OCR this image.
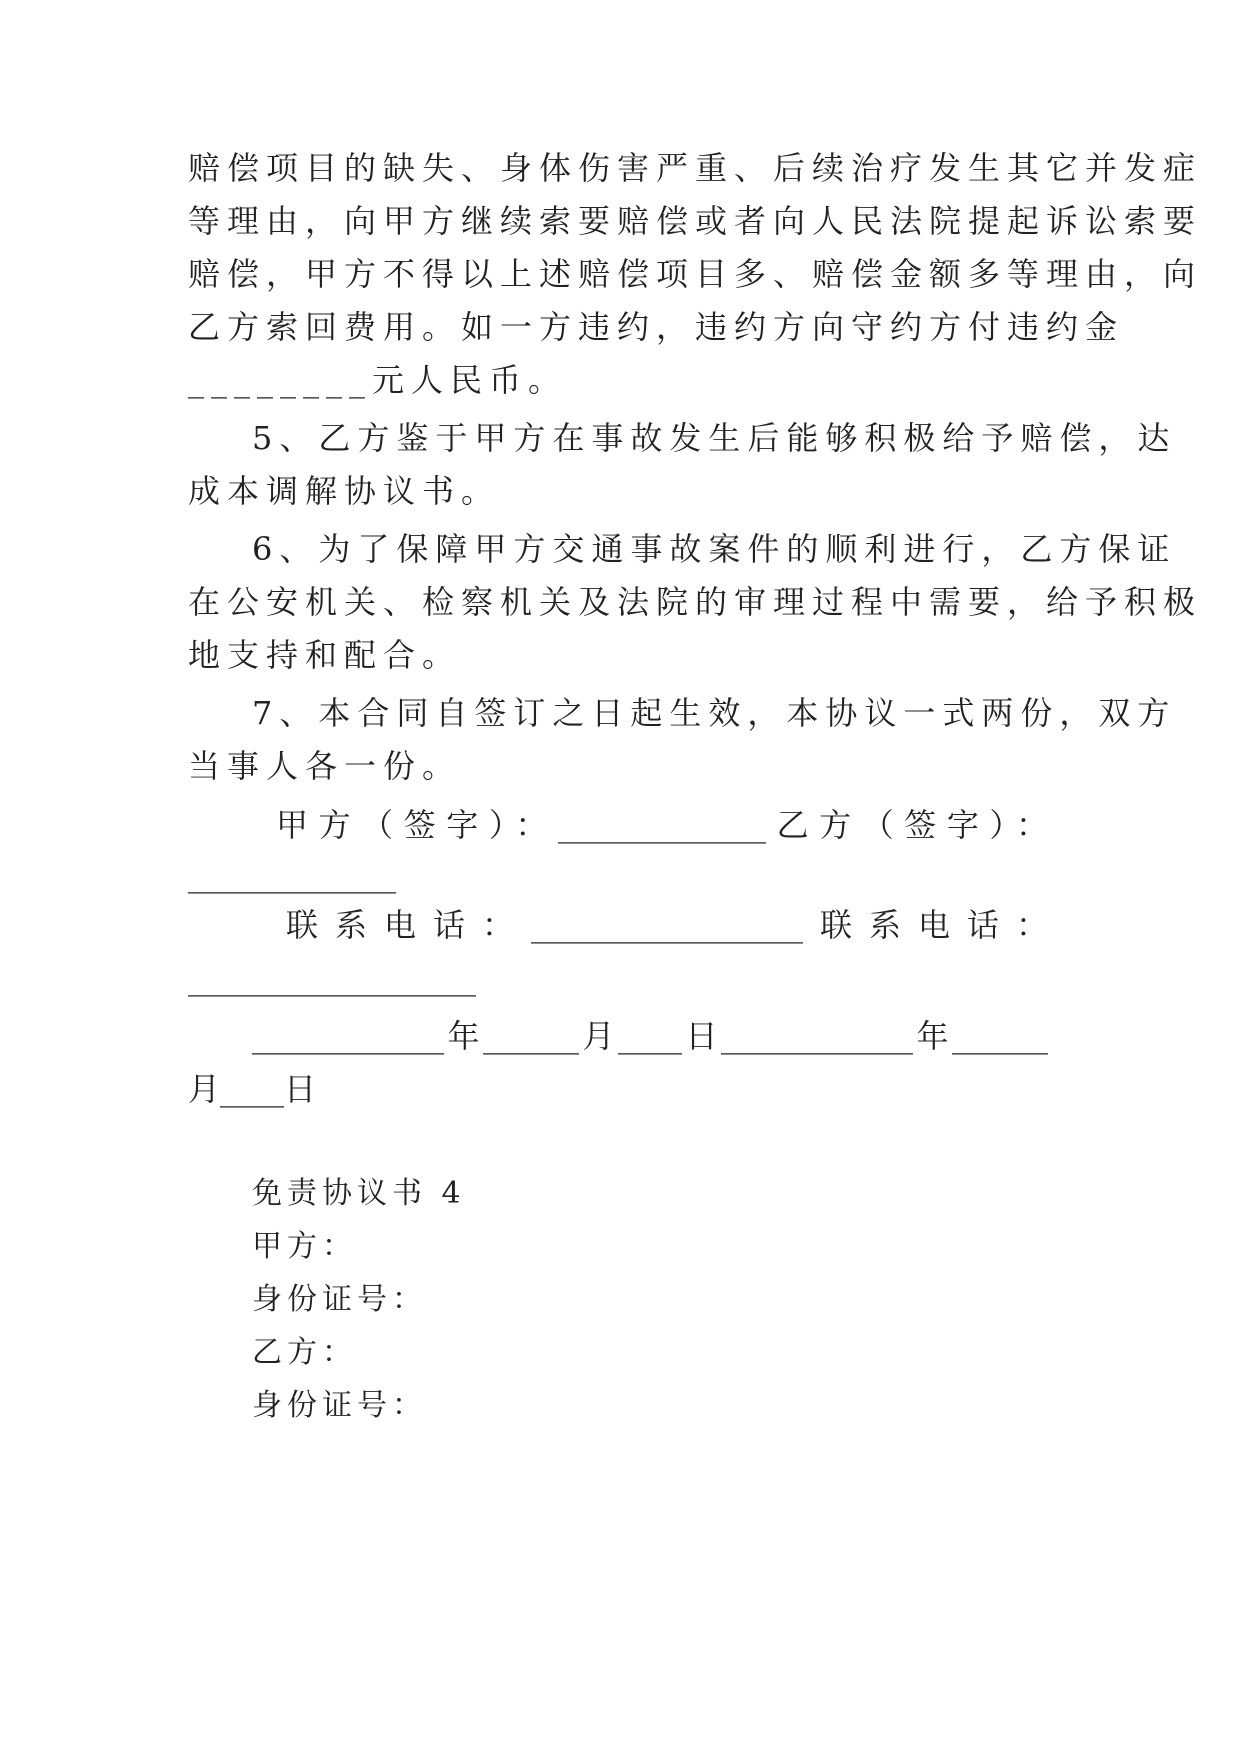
赔偿项目的缺失、身体伤害严重、后续治疗发生其它并发症
等理由，向甲方继续索要赔偿或者向人民法院提起诉讼索要
赔偿，甲方不得以上述赔偿项目多、赔偿金额多等理由，向
乙方索回费用。如一方违约，违约方向守约方付违约金
________元人民币。
5、乙方鉴于甲方在事故发生后能够积极给予赔偿，达
成本调解协议书。
6、为了保障甲方交通事故案件的顺利进行，乙方保证
在公安机关、检察机关及法院的审理过程中需要，给予积极
地支持和配合。
7、本合同自签订之日起生效，本协议一式两份，双方
当事人各一份。
甲方（签字）：_____________乙方（签字）：
_____________
联系电话：_________________联系电话：
__________________
____________年______月____日____________年______
月____日
免责协议书 4
甲方：
身份证号：
乙方：
身份证号：
